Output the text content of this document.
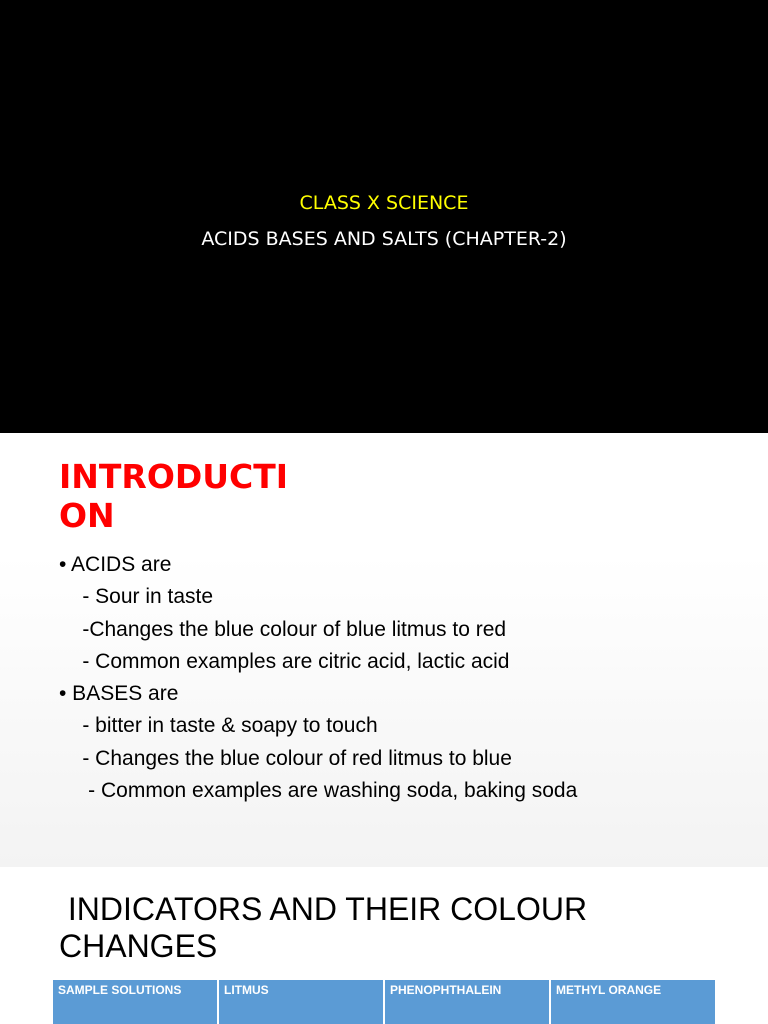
CLASS X SCIENCE
ACIDS BASES AND SALTS (CHAPTER-2)
INTRODUCTION
• ACIDS are
- Sour in taste
-Changes the blue colour of blue litmus to red
- Common examples are citric acid, lactic acid
• BASES are
- bitter in taste & soapy to touch
- Changes the blue colour of red litmus to blue
- Common examples are washing soda, baking soda
INDICATORS AND THEIR COLOUR CHANGES
SAMPLE SOLUTIONS	LITMUS	PHENOPHTHALEIN	METHYL ORANGE
